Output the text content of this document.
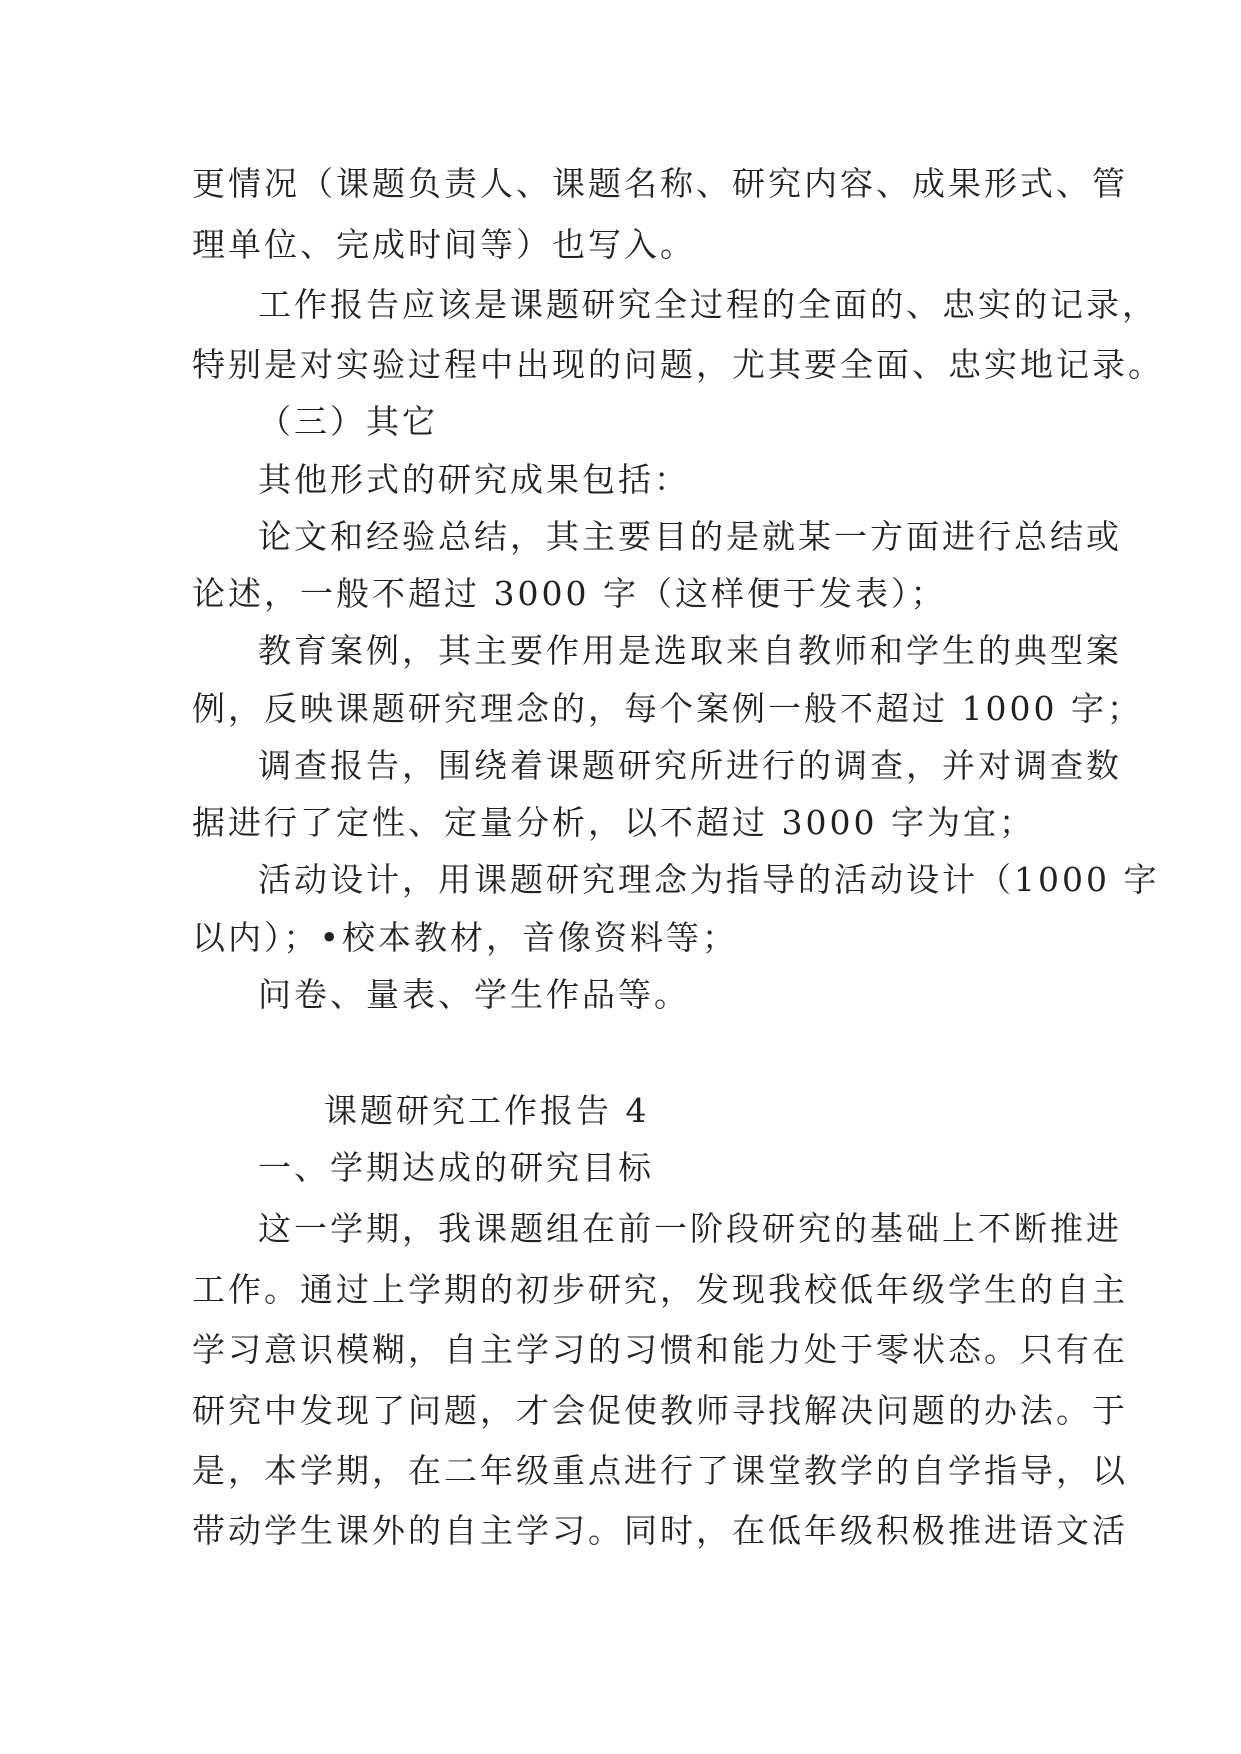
更情况（课题负责人、课题名称、研究内容、成果形式、管
理单位、完成时间等）也写入。
工作报告应该是课题研究全过程的全面的、忠实的记录，
特别是对实验过程中出现的问题，尤其要全面、忠实地记录。
（三）其它
其他形式的研究成果包括：
论文和经验总结，其主要目的是就某一方面进行总结或
论述，一般不超过 3000 字（这样便于发表）；
教育案例，其主要作用是选取来自教师和学生的典型案
例，反映课题研究理念的，每个案例一般不超过 1000 字；
调查报告，围绕着课题研究所进行的调查，并对调查数
据进行了定性、定量分析，以不超过 3000 字为宜；
活动设计，用课题研究理念为指导的活动设计（1000 字
以内）；•校本教材，音像资料等；
问卷、量表、学生作品等。
课题研究工作报告 4
一、学期达成的研究目标
这一学期，我课题组在前一阶段研究的基础上不断推进
工作。通过上学期的初步研究，发现我校低年级学生的自主
学习意识模糊，自主学习的习惯和能力处于零状态。只有在
研究中发现了问题，才会促使教师寻找解决问题的办法。于
是，本学期，在二年级重点进行了课堂教学的自学指导，以
带动学生课外的自主学习。同时，在低年级积极推进语文活
